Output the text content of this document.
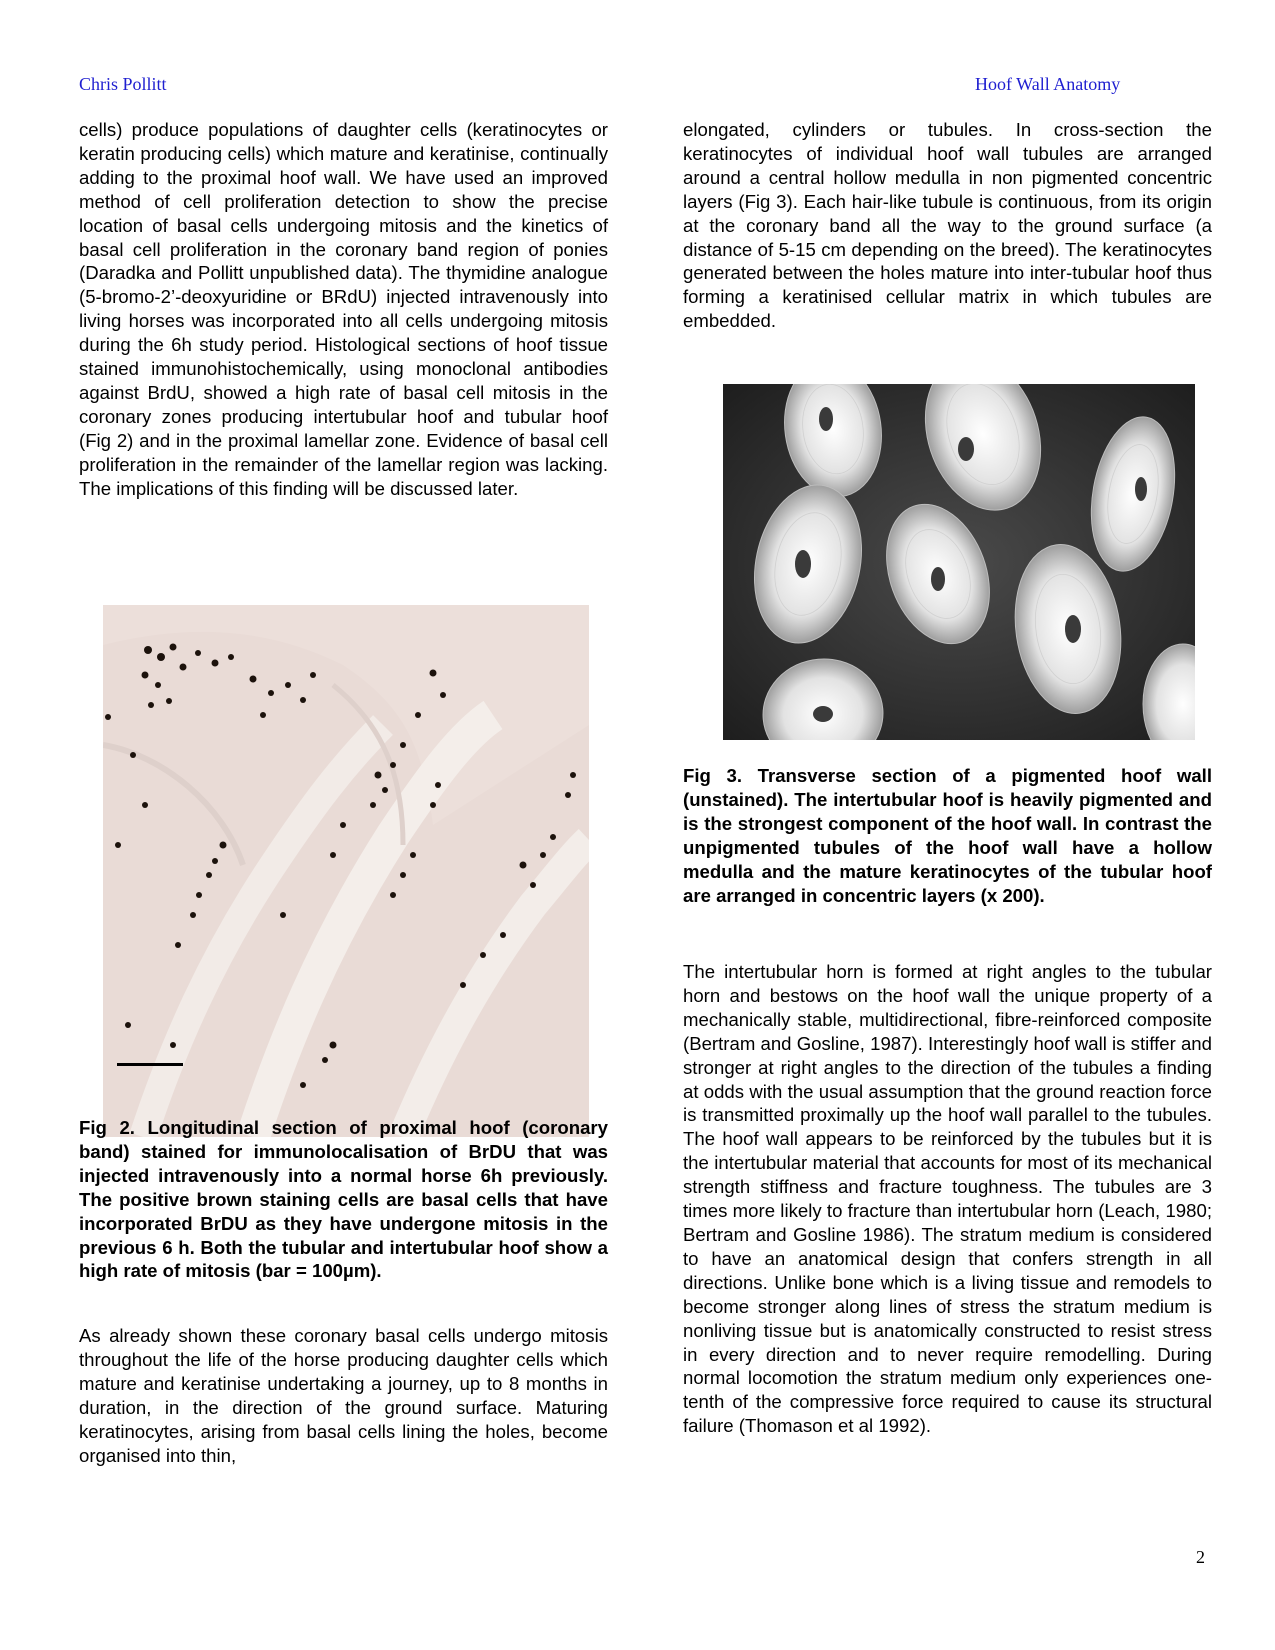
Chris Pollitt	Hoof Wall Anatomy

cells) produce populations of daughter cells (keratinocytes or keratin producing cells) which mature and keratinise, continually adding to the proximal hoof wall. We have used an improved method of cell proliferation detection to show the precise location of basal cells undergoing mitosis and the kinetics of basal cell proliferation in the coronary band region of ponies (Daradka and Pollitt unpublished data). The thymidine analogue (5-bromo-2’-deoxyuridine or BRdU) injected intravenously into living horses was incorporated into all cells undergoing mitosis during the 6h study period. Histological sections of hoof tissue stained immunohistochemically, using monoclonal antibodies against BrdU, showed a high rate of basal cell mitosis in the coronary zones producing intertubular hoof and tubular hoof (Fig 2) and in the proximal lamellar zone. Evidence of basal cell proliferation in the remainder of the lamellar region was lacking. The implications of this finding will be discussed later.

Fig 2. Longitudinal section of proximal hoof (coronary band) stained for immunolocalisation of BrDU that was injected intravenously into a normal horse 6h previously. The positive brown staining cells are basal cells that have incorporated BrDU as they have undergone mitosis in the previous 6 h. Both the tubular and intertubular hoof show a high rate of mitosis (bar = 100µm).

As already shown these coronary basal cells undergo mitosis throughout the life of the horse producing daughter cells which mature and keratinise undertaking a journey, up to 8 months in duration, in the direction of the ground surface. Maturing keratinocytes, arising from basal cells lining the holes, become organised into thin,

elongated, cylinders or tubules. In cross-section the keratinocytes of individual hoof wall tubules are arranged around a central hollow medulla in non pigmented concentric layers (Fig 3). Each hair-like tubule is continuous, from its origin at the coronary band all the way to the ground surface (a distance of 5-15 cm depending on the breed). The keratinocytes generated between the holes mature into inter-tubular hoof thus forming a keratinised cellular matrix in which tubules are embedded.

Fig 3. Transverse section of a pigmented hoof wall (unstained). The intertubular hoof is heavily pigmented and is the strongest component of the hoof wall. In contrast the unpigmented tubules of the hoof wall have a hollow medulla and the mature keratinocytes of the tubular hoof are arranged in concentric layers (x 200).

The intertubular horn is formed at right angles to the tubular horn and bestows on the hoof wall the unique property of a mechanically stable, multidirectional, fibre-reinforced composite (Bertram and Gosline, 1987). Interestingly hoof wall is stiffer and stronger at right angles to the direction of the tubules a finding at odds with the usual assumption that the ground reaction force is transmitted proximally up the hoof wall parallel to the tubules. The hoof wall appears to be reinforced by the tubules but it is the intertubular material that accounts for most of its mechanical strength stiffness and fracture toughness. The tubules are 3 times more likely to fracture than intertubular horn (Leach, 1980; Bertram and Gosline 1986). The stratum medium is considered to have an anatomical design that confers strength in all directions. Unlike bone which is a living tissue and remodels to become stronger along lines of stress the stratum medium is nonliving tissue but is anatomically constructed to resist stress in every direction and to never require remodelling. During normal locomotion the stratum medium only experiences one-tenth of the compressive force required to cause its structural failure (Thomason et al 1992).

2
